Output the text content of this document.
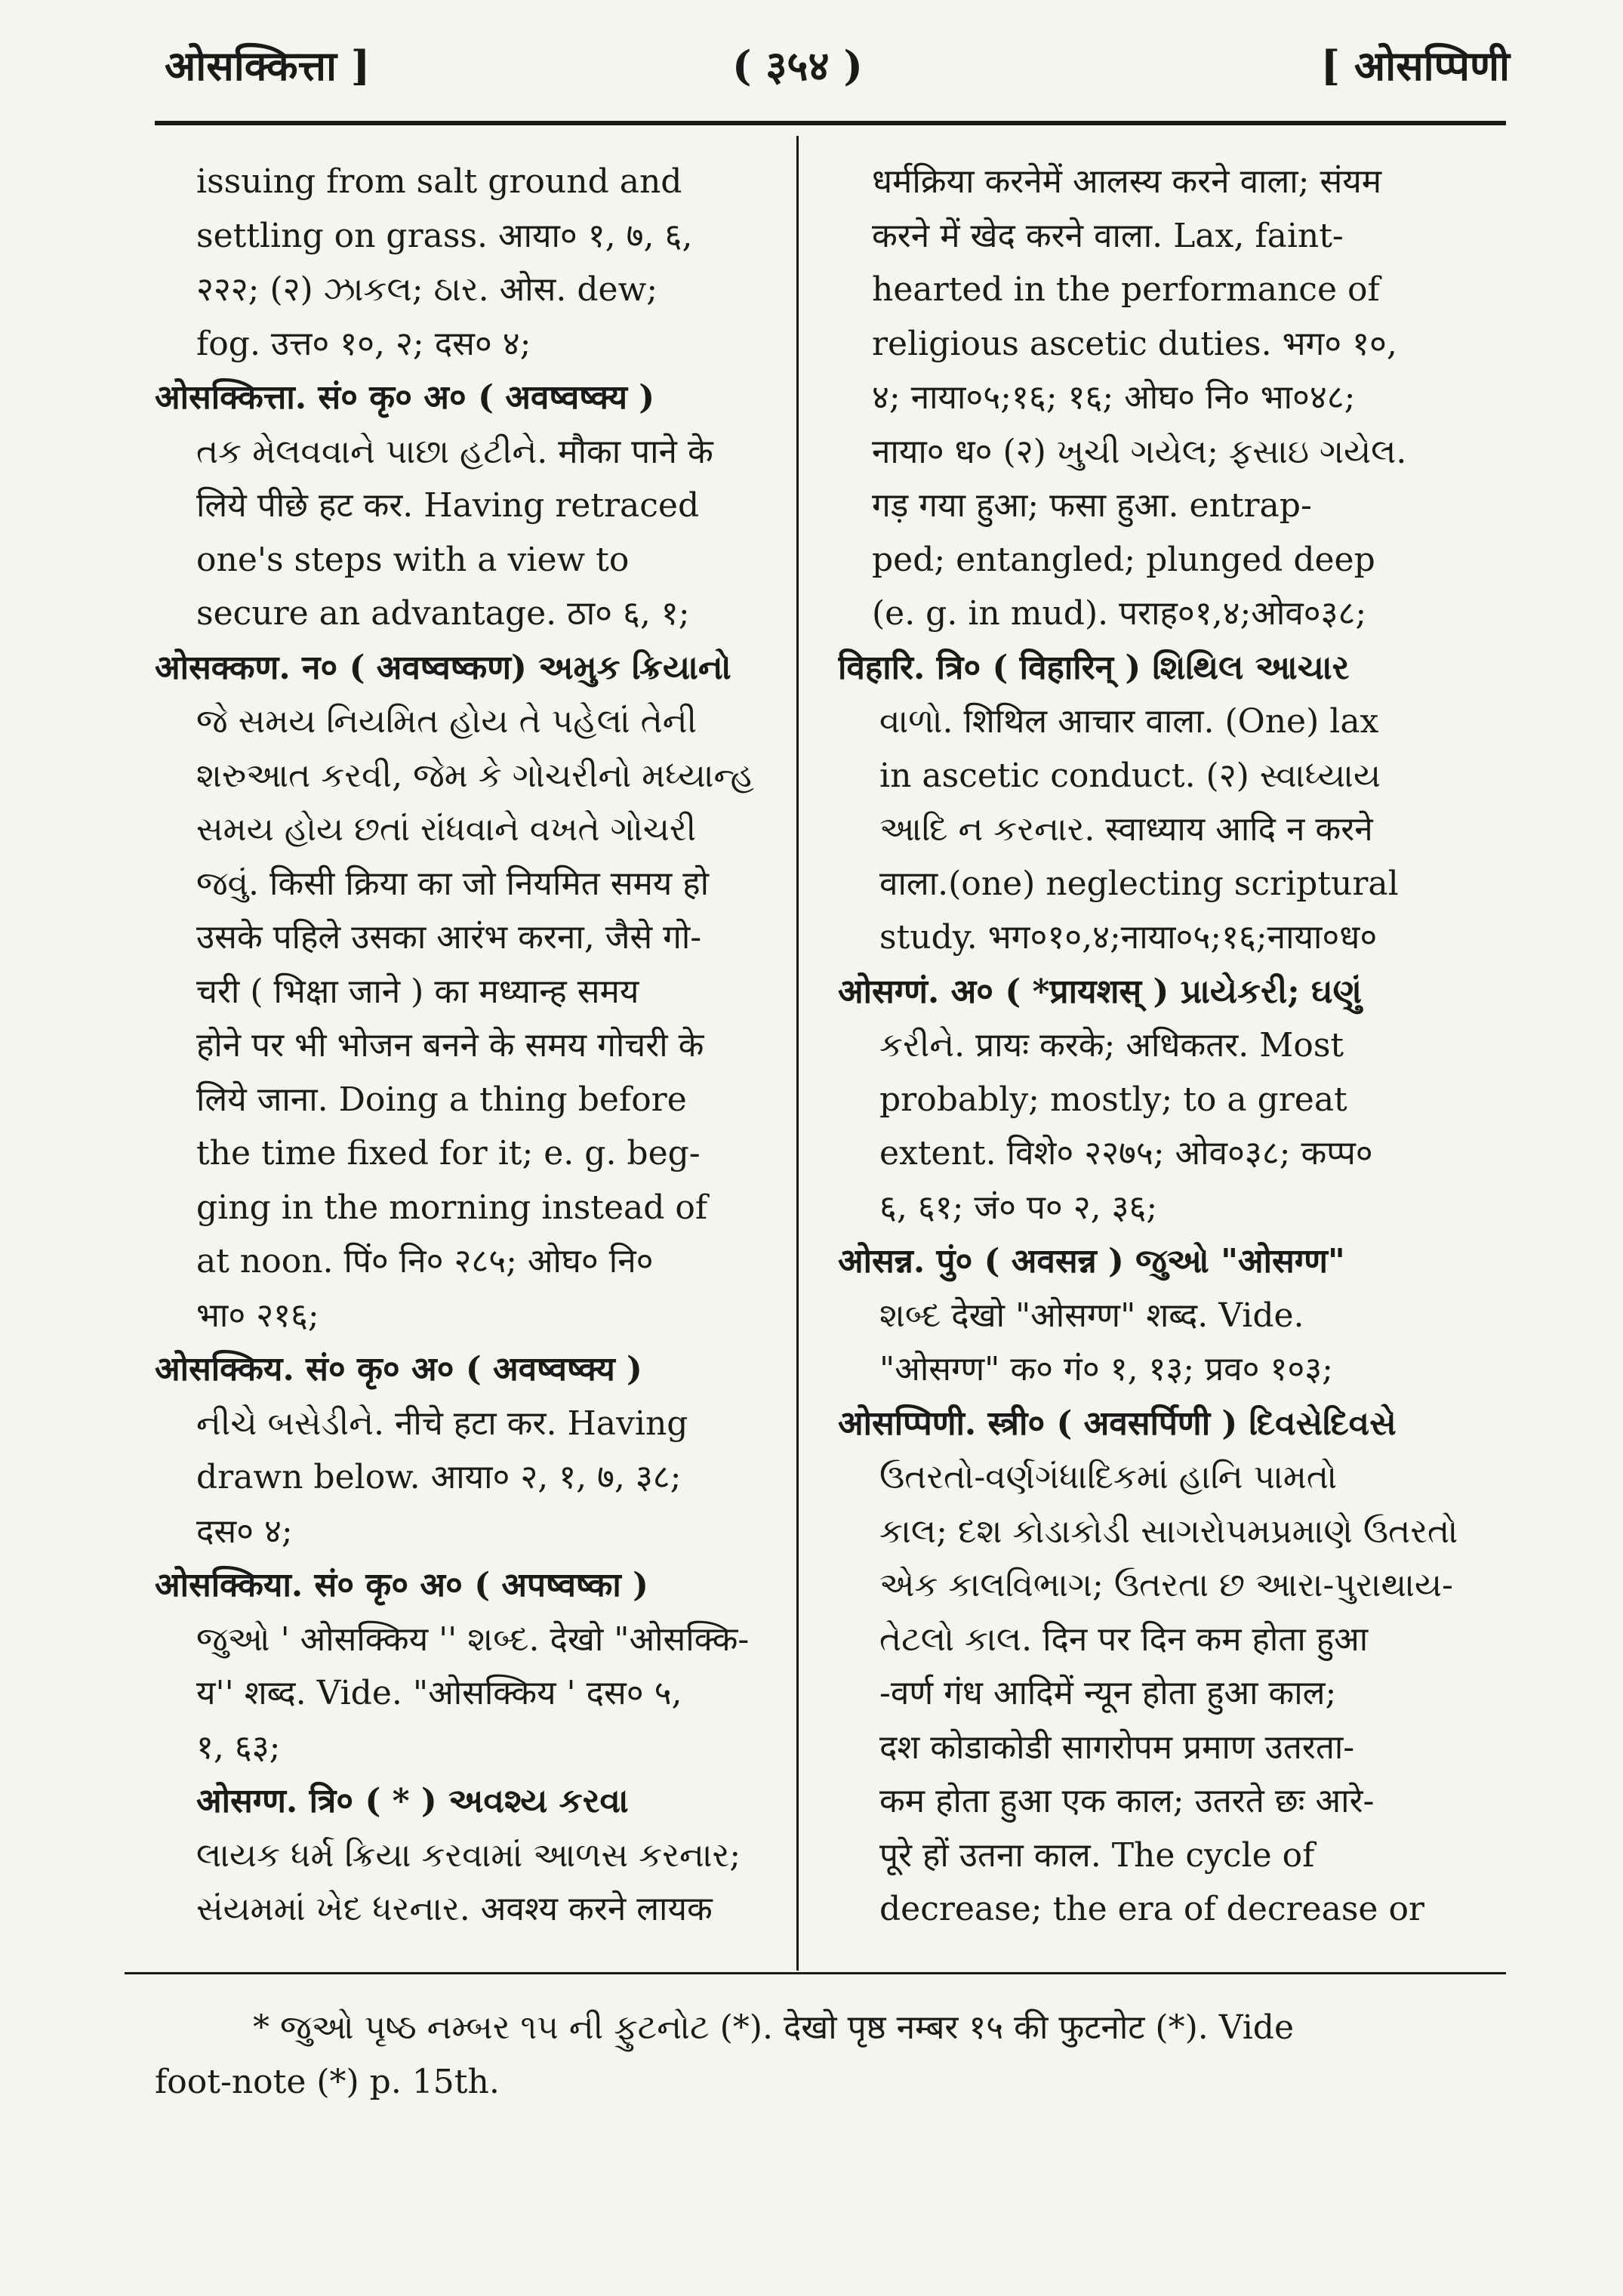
ओसक्कित्ता ]	( ३५४ )	[ ओसप्पिणी
issuing from salt ground and
settling on grass. आया० १, ७, ६,
२२२; (२) ઝાકલ; ઠાર. ओस. dew;
fog. उत्त० १०, २; दस० ४;
ओसक्कित्ता. सं० कृ० अ० ( अवष्वष्क्य )
તક મેલવવાને પાછા હટીને. मौका पाने के
लिये पीछे हट कर. Having retraced
one's steps with a view to
secure an advantage. ठा० ६, १;
ओसक्कण. न० ( अवष्वष्कण) અમુક ક્રિયાનો
જે સમય નિયમિત હોય તે પહેલાં તેની
શરુઆત કરવી, જેમ કે ગોચરીનો મધ્યાન્હ
સમય હોય છતાં રાંધવાને વખતે ગોચરી
જવું. किसी क्रिया का जो नियमित समय हो
उसके पहिले उसका आरंभ करना, जैसे गो-
चरी ( भिक्षा जाने ) का मध्यान्ह समय
होने पर भी भोजन बनने के समय गोचरी के
लिये जाना. Doing a thing before
the time fixed for it; e. g. beg-
ging in the morning instead of
at noon. पिं० नि० २८५; ओघ० नि०
भा० २१६;
ओसक्किय. सं० कृ० अ० ( अवष्वष्क्य )
નીચે બસેડીને. नीचे हटा कर. Having
drawn below. आया० २, १, ७, ३८;
दस० ४;
ओसक्किया. सं० कृ० अ० ( अपष्वष्का )
જુઓ ' ओसक्किय '' શબ્દ. देखो "ओसक्कि-
य'' शब्द. Vide. "ओसक्किय ' दस० ५,
१, ६३;
ओसग्ण. त्रि० ( * ) અવશ્ય કરવા
લાયક ધર્મ ક્રિયા કરવામાં આળસ કરનાર;
સંયમમાં ખેદ ધરનાર. अवश्य करने लायक
धर्मक्रिया करनेमें आलस्य करने वाला; संयम
करने में खेद करने वाला. Lax, faint-
hearted in the performance of
religious ascetic duties. भग० १०,
४; नाया०५;१६; १६; ओघ० नि० भा०४८;
नाया० ध० (२) ખુચી ગયેલ; ફસાઇ ગયેલ.
गड़ गया हुआ; फसा हुआ. entrap-
ped; entangled; plunged deep
(e. g. in mud). पराह०१,४;ओव०३८;
विहारि. त्रि० ( विहारिन् ) શિથિલ આચાર
વાળો. शिथिल आचार वाला. (One) lax
in ascetic conduct. (२) સ્વાધ્યાય
આદિ ન કરનાર. स्वाध्याय आदि न करने
वाला.(one) neglecting scriptural
study. भग०१०,४;नाया०५;१६;नाया०ध०
ओसग्णं. अ० ( *प्रायशस् ) પ્રાયેકરી; ઘણું
કરીને. प्रायः करके; अधिकतर. Most
probably; mostly; to a great
extent. विशे० २२७५; ओव०३८; कप्प०
६, ६१; जं० प० २, ३६;
ओसन्न. पुं० ( अवसन्न ) જુઓ "ओसग्ण"
શબ્દ देखो "ओसग्ण" शब्द. Vide.
"ओसग्ण" क० गं० १, १३; प्रव० १०३;
ओसप्पिणी. स्त्री० ( अवसर्पिणी ) દિવસેદિવસે
ઉતરતો-વર્ણગંધાદિકમાં હાનિ પામતો
કાલ; દશ કોડાકોડી સાગરોપમપ્રમાણે ઉતરતો
એક કાલવિભાગ; ઉતરતા છ આરા-પુરાથાય-
તેટલો કાલ. दिन पर दिन कम होता हुआ
-वर्ण गंध आदिमें न्यून होता हुआ काल;
दश कोडाकोडी सागरोपम प्रमाण उतरता-
कम होता हुआ एक काल; उतरते छः आरे-
पूरे हों उतना काल. The cycle of
decrease; the era of decrease or
* જુઓ પૃષ્ઠ નમ્બર ૧૫ ની ફુટનોટ (*). देखो पृष्ठ नम्बर १५ की फुटनोट (*). Vide
foot-note (*) p. 15th.
